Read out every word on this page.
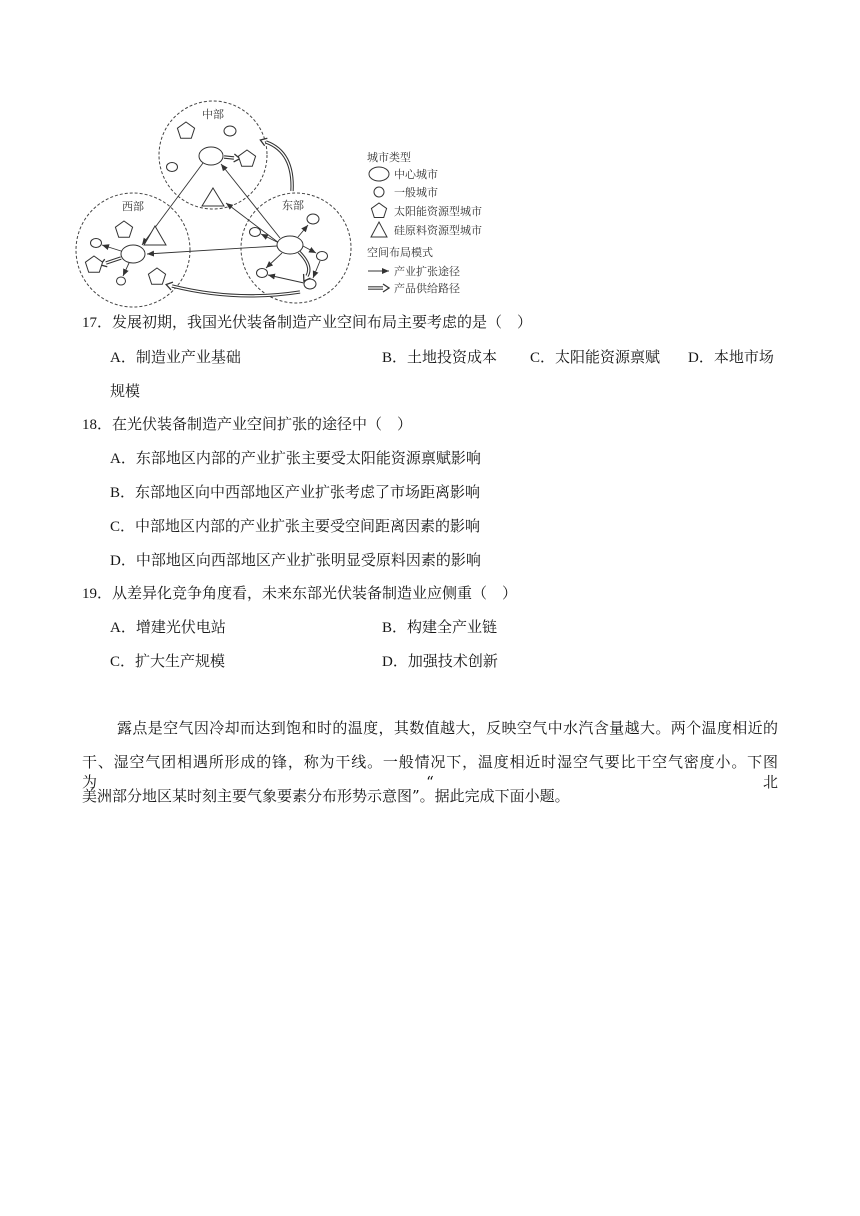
中部
西部	东部
城市类型
中心城市
一般城市
太阳能资源型城市
硅原料资源型城市
空间布局模式
产业扩张途径
产品供给路径
17．发展初期，我国光伏装备制造产业空间布局主要考虑的是（　）
A．制造业产业基础	B．土地投资成本 C．太阳能资源禀赋 D．本地市场规模
18．在光伏装备制造产业空间扩张的途径中（　）
A．东部地区内部的产业扩张主要受太阳能资源禀赋影响
B．东部地区向中西部地区产业扩张考虑了市场距离影响
C．中部地区内部的产业扩张主要受空间距离因素的影响
D．中部地区向西部地区产业扩张明显受原料因素的影响
19．从差异化竞争角度看，未来东部光伏装备制造业应侧重（　）
A．增建光伏电站	B．构建全产业链
C．扩大生产规模	D．加强技术创新
露点是空气因冷却而达到饱和时的温度，其数值越大，反映空气中水汽含量越大。两个温度相近的
干、湿空气团相遇所形成的锋，称为干线。一般情况下，温度相近时湿空气要比干空气密度小。下图为“北
美洲部分地区某时刻主要气象要素分布形势示意图”。据此完成下面小题。
